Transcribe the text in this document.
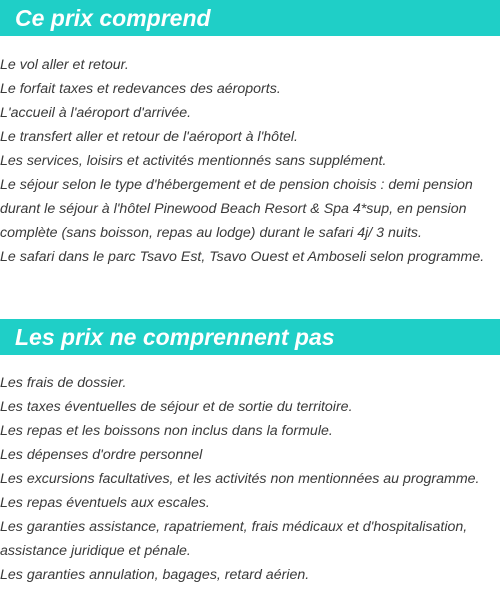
Ce prix comprend
Le vol aller et retour.
Le forfait taxes et redevances des aéroports.
L'accueil à l'aéroport d'arrivée.
Le transfert aller et retour de l'aéroport à l'hôtel.
Les services, loisirs et activités mentionnés sans supplément.
Le séjour selon le type d'hébergement et de pension choisis : demi pension
durant le séjour à l'hôtel Pinewood Beach Resort & Spa 4*sup, en pension
complète (sans boisson, repas au lodge) durant le safari 4j/ 3 nuits.
Le safari dans le parc Tsavo Est, Tsavo Ouest et Amboseli selon programme.
Les prix ne comprennent pas
Les frais de dossier.
Les taxes éventuelles de séjour et de sortie du territoire.
Les repas et les boissons non inclus dans la formule.
Les dépenses d'ordre personnel
Les excursions facultatives, et les activités non mentionnées au programme.
Les repas éventuels aux escales.
Les garanties assistance, rapatriement, frais médicaux et d'hospitalisation,
assistance juridique et pénale.
Les garanties annulation, bagages, retard aérien.
